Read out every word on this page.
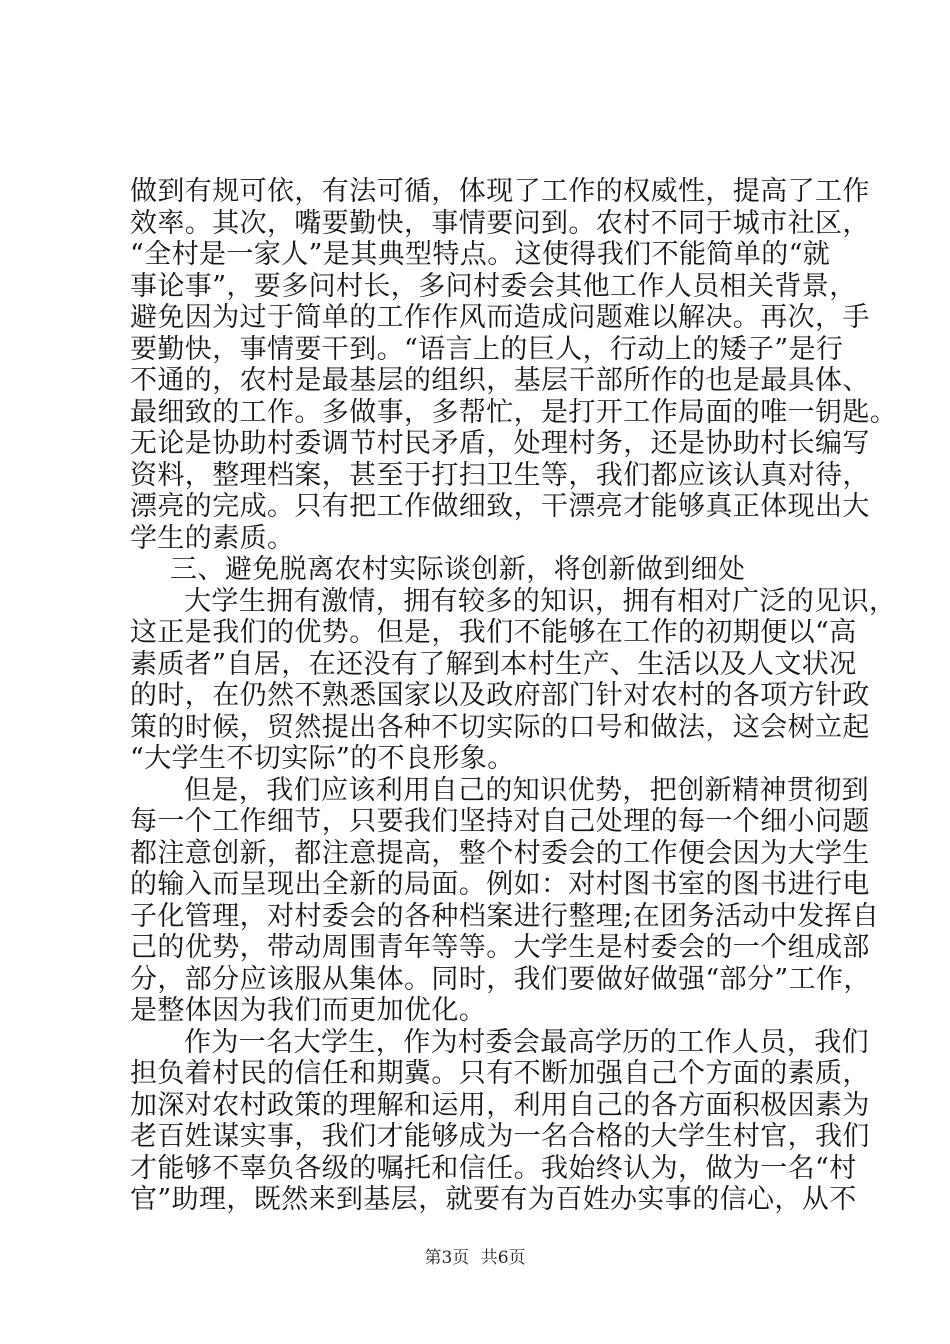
做到有规可依，有法可循，体现了工作的权威性，提高了工作
效率。其次，嘴要勤快，事情要问到。农村不同于城市社区，
“全村是一家人”是其典型特点。这使得我们不能简单的“就
事论事”，要多问村长，多问村委会其他工作人员相关背景，
避免因为过于简单的工作作风而造成问题难以解决。再次，手
要勤快，事情要干到。“语言上的巨人，行动上的矮子”是行
不通的，农村是最基层的组织，基层干部所作的也是最具体、
最细致的工作。多做事，多帮忙，是打开工作局面的唯一钥匙。
无论是协助村委调节村民矛盾，处理村务，还是协助村长编写
资料，整理档案，甚至于打扫卫生等，我们都应该认真对待，
漂亮的完成。只有把工作做细致，干漂亮才能够真正体现出大
学生的素质。
三、避免脱离农村实际谈创新，将创新做到细处
大学生拥有激情，拥有较多的知识，拥有相对广泛的见识，
这正是我们的优势。但是，我们不能够在工作的初期便以“高
素质者”自居，在还没有了解到本村生产、生活以及人文状况
的时，在仍然不熟悉国家以及政府部门针对农村的各项方针政
策的时候，贸然提出各种不切实际的口号和做法，这会树立起
“大学生不切实际”的不良形象。
但是，我们应该利用自己的知识优势，把创新精神贯彻到
每一个工作细节，只要我们坚持对自己处理的每一个细小问题
都注意创新，都注意提高，整个村委会的工作便会因为大学生
的输入而呈现出全新的局面。例如：对村图书室的图书进行电
子化管理，对村委会的各种档案进行整理;在团务活动中发挥自
己的优势，带动周围青年等等。大学生是村委会的一个组成部
分，部分应该服从集体。同时，我们要做好做强“部分”工作，
是整体因为我们而更加优化。
作为一名大学生，作为村委会最高学历的工作人员，我们
担负着村民的信任和期冀。只有不断加强自己个方面的素质，
加深对农村政策的理解和运用，利用自己的各方面积极因素为
老百姓谋实事，我们才能够成为一名合格的大学生村官，我们
才能够不辜负各级的嘱托和信任。我始终认为，做为一名“村
官”助理，既然来到基层，就要有为百姓办实事的信心，从不
第3页 共6页
